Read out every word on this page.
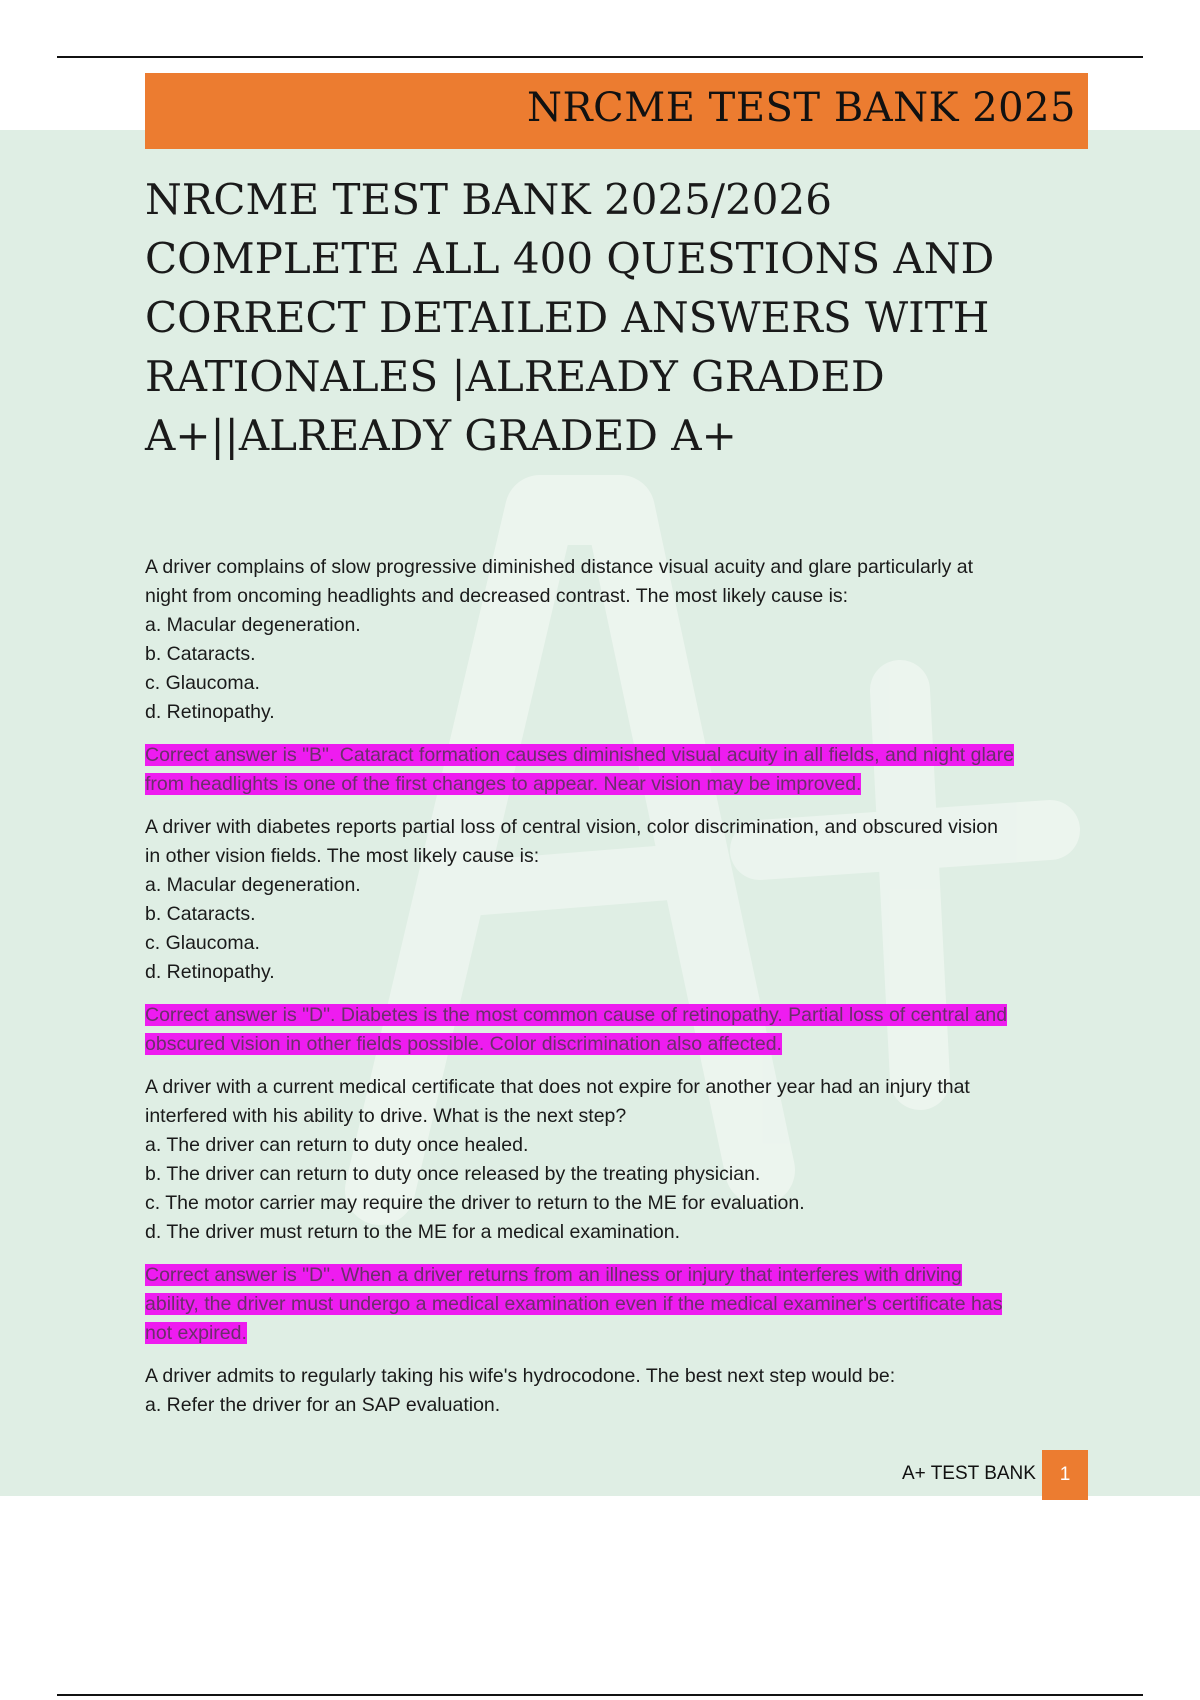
NRCME TEST BANK 2025
NRCME TEST BANK 2025/2026
COMPLETE ALL 400 QUESTIONS AND
CORRECT DETAILED ANSWERS WITH
RATIONALES |ALREADY GRADED
A+||ALREADY GRADED A+
A driver complains of slow progressive diminished distance visual acuity and glare particularly at
night from oncoming headlights and decreased contrast. The most likely cause is:
a. Macular degeneration.
b. Cataracts.
c. Glaucoma.
d. Retinopathy.
Correct answer is "B". Cataract formation causes diminished visual acuity in all fields, and night glare
from headlights is one of the first changes to appear. Near vision may be improved.
A driver with diabetes reports partial loss of central vision, color discrimination, and obscured vision
in other vision fields. The most likely cause is:
a. Macular degeneration.
b. Cataracts.
c. Glaucoma.
d. Retinopathy.
Correct answer is "D". Diabetes is the most common cause of retinopathy. Partial loss of central and
obscured vision in other fields possible. Color discrimination also affected.
A driver with a current medical certificate that does not expire for another year had an injury that
interfered with his ability to drive. What is the next step?
a. The driver can return to duty once healed.
b. The driver can return to duty once released by the treating physician.
c. The motor carrier may require the driver to return to the ME for evaluation.
d. The driver must return to the ME for a medical examination.
Correct answer is "D". When a driver returns from an illness or injury that interferes with driving
ability, the driver must undergo a medical examination even if the medical examiner's certificate has
not expired.
A driver admits to regularly taking his wife's hydrocodone. The best next step would be:
a. Refer the driver for an SAP evaluation.
A+ TEST BANK	1
